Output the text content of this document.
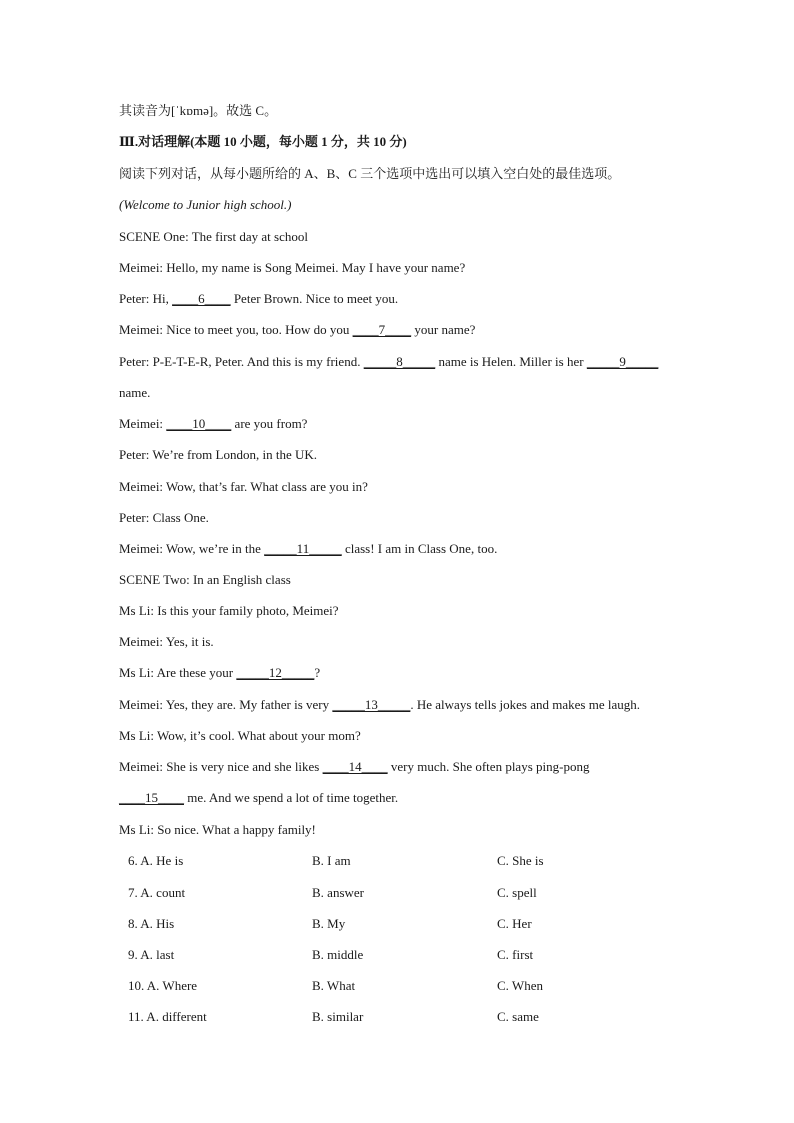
其读音为[ˈkɒmə]。故选 C。
Ⅲ.对话理解(本题 10 小题，每小题 1 分，共 10 分)
阅读下列对话，从每小题所给的 A、B、C 三个选项中选出可以填入空白处的最佳选项。
(Welcome to Junior high school.)
SCENE One: The first day at school
Meimei: Hello, my name is Song Meimei. May I have your name?
Peter: Hi, ____6____ Peter Brown. Nice to meet you.
Meimei: Nice to meet you, too. How do you ____7____ your name?
Peter: P-E-T-E-R, Peter. And this is my friend. _____8_____ name is Helen. Miller is her _____9_____
name.
Meimei: ____10____ are you from?
Peter: We’re from London, in the UK.
Meimei: Wow, that’s far. What class are you in?
Peter: Class One.
Meimei: Wow, we’re in the _____11_____ class! I am in Class One, too.
SCENE Two: In an English class
Ms Li: Is this your family photo, Meimei?
Meimei: Yes, it is.
Ms Li: Are these your _____12_____?
Meimei: Yes, they are. My father is very _____13_____. He always tells jokes and makes me laugh.
Ms Li: Wow, it’s cool. What about your mom?
Meimei: She is very nice and she likes ____14____ very much. She often plays ping-pong
____15____ me. And we spend a lot of time together.
Ms Li: So nice. What a happy family!
6. A. He is	B. I am	C. She is
7. A. count	B. answer	C. spell
8. A. His	B. My	C. Her
9. A. last	B. middle	C. first
10. A. Where	B. What	C. When
11. A. different	B. similar	C. same
